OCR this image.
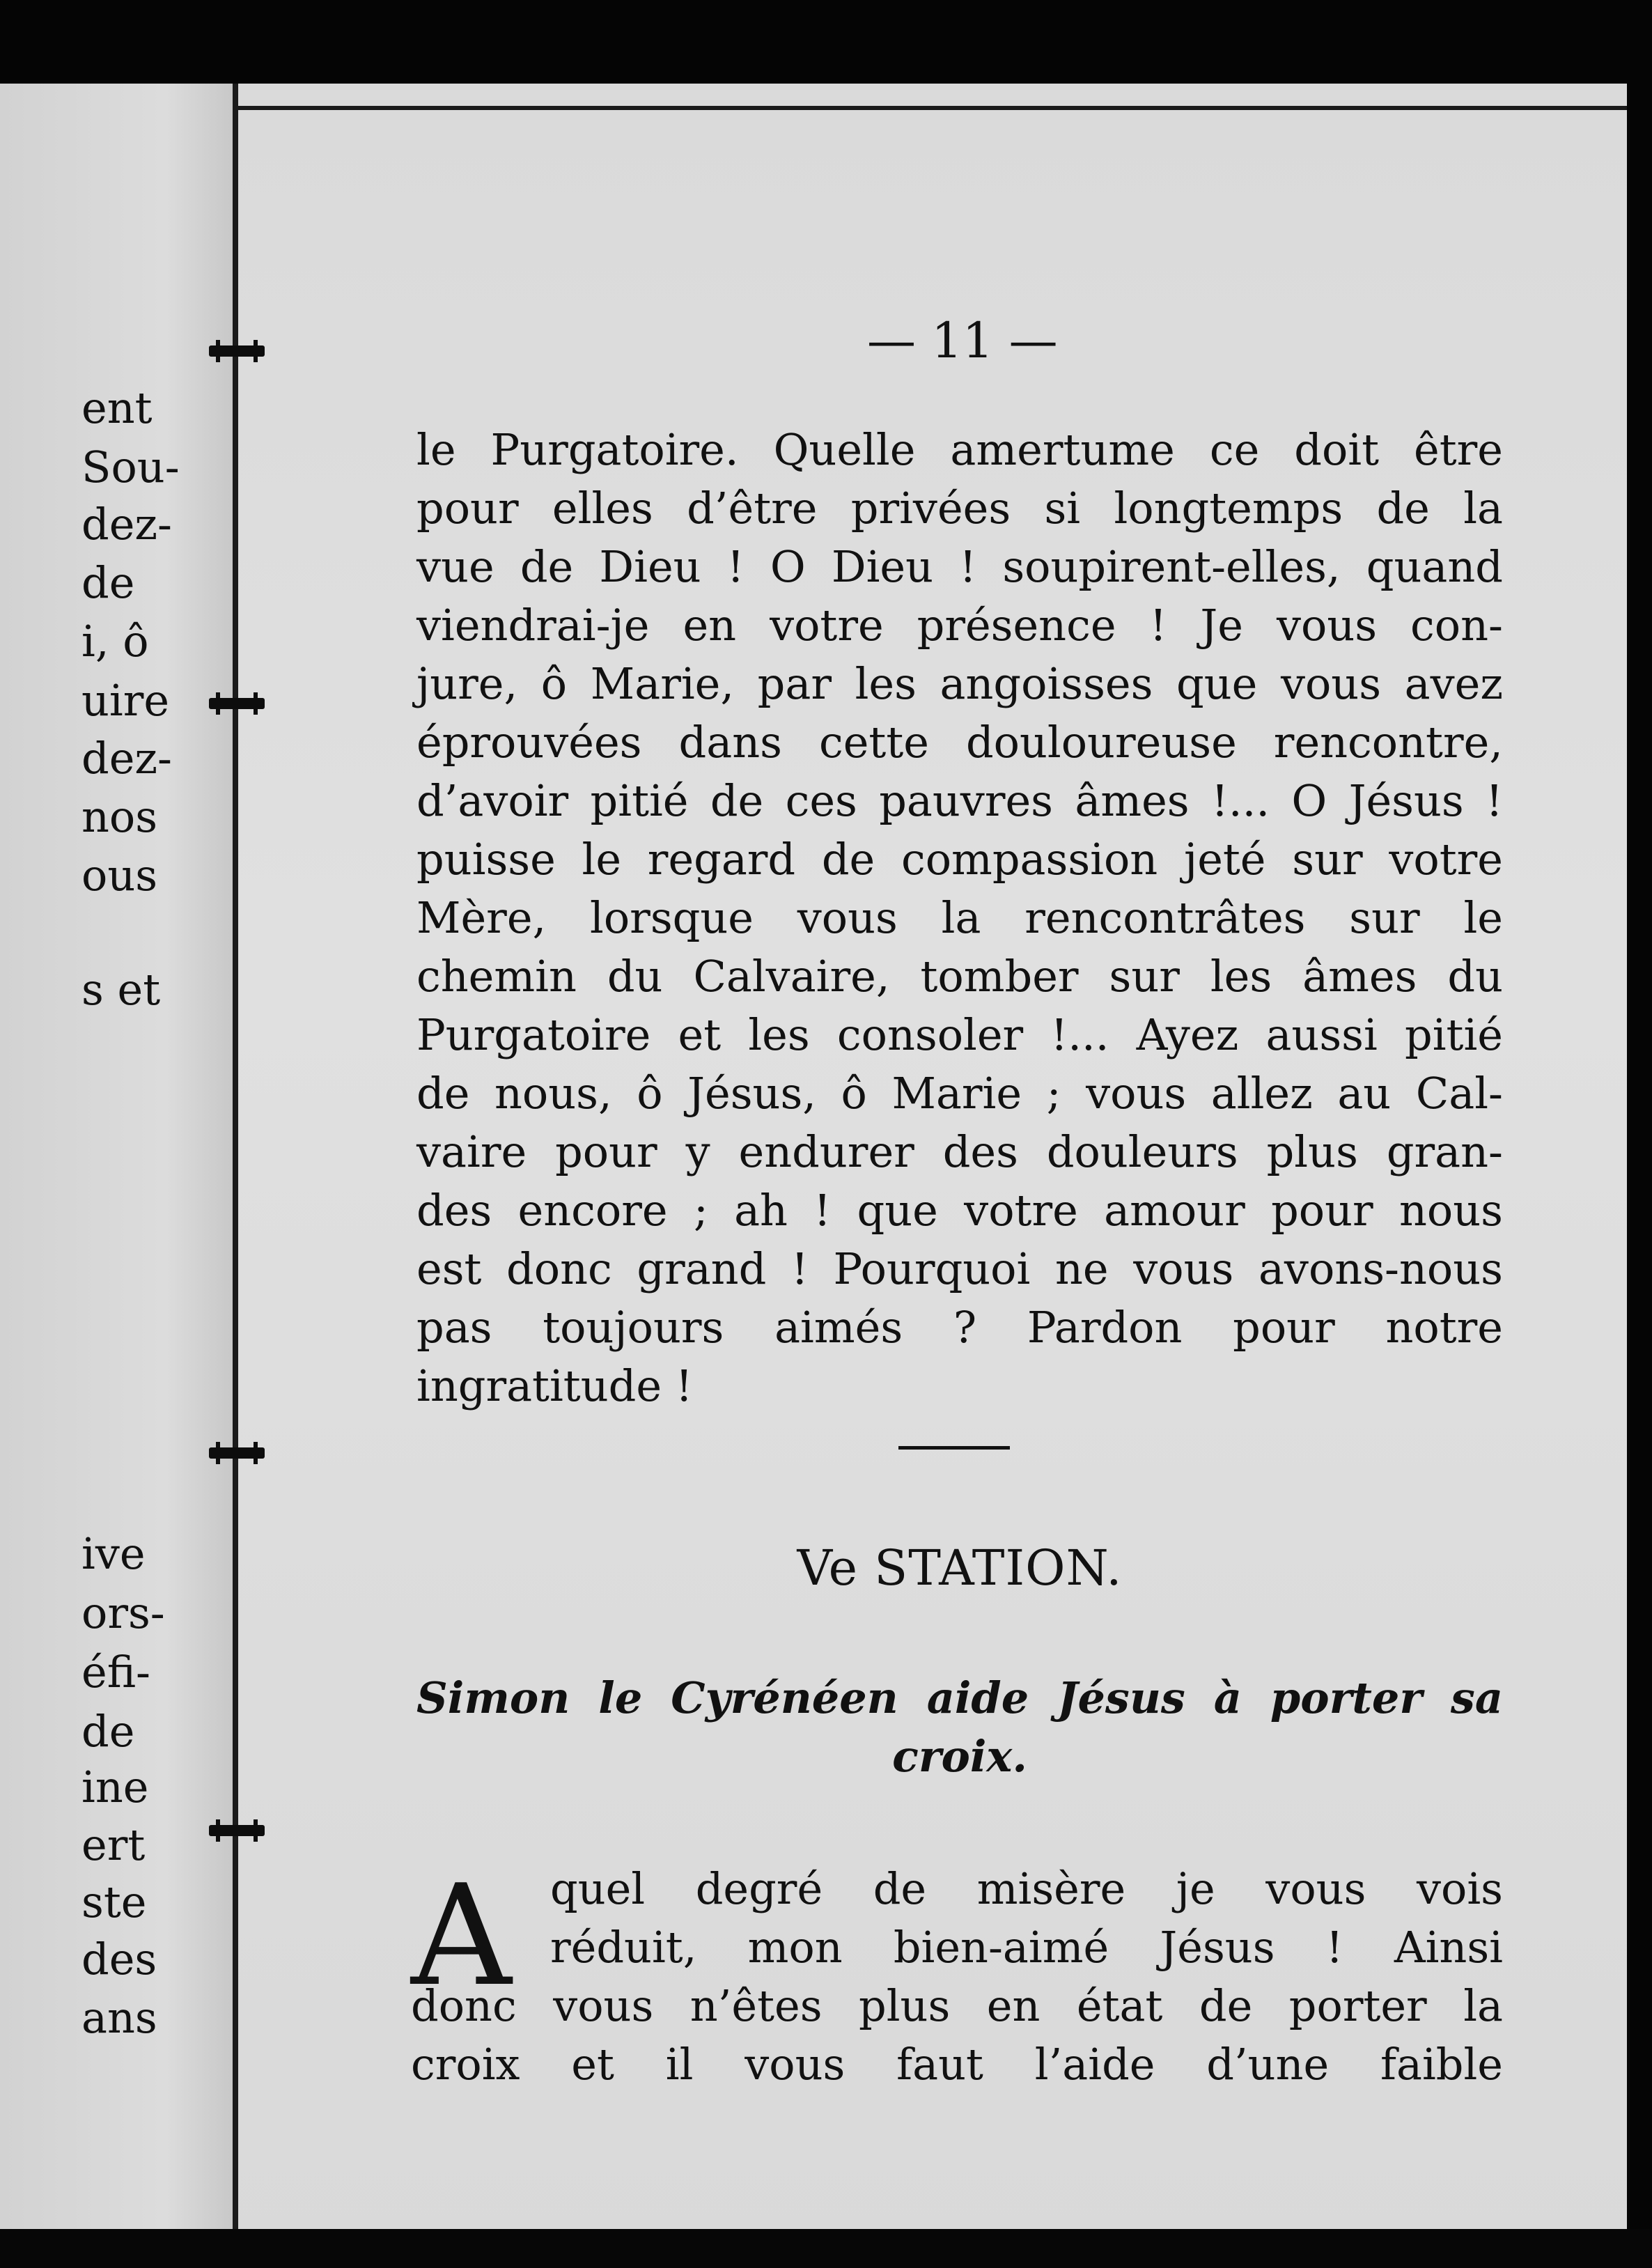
ent
Sou-
dez-
de
i, ô
uire
dez-
nos
ous
s et
ive
ors-
éfi-
de
ine
ert
ste
des
ans
— 11 —
le Purgatoire. Quelle amertume ce doit être
pour elles d’être privées si longtemps de la
vue de Dieu ! O Dieu ! soupirent-elles, quand
viendrai-je en votre présence ! Je vous con-
jure, ô Marie, par les angoisses que vous avez
éprouvées dans cette douloureuse rencontre,
d’avoir pitié de ces pauvres âmes !... O Jésus !
puisse le regard de compassion jeté sur votre
Mère, lorsque vous la rencontrâtes sur le
chemin du Calvaire, tomber sur les âmes du
Purgatoire et les consoler !... Ayez aussi pitié
de nous, ô Jésus, ô Marie ; vous allez au Cal-
vaire pour y endurer des douleurs plus gran-
des encore ; ah ! que votre amour pour nous
est donc grand ! Pourquoi ne vous avons-nous
pas toujours aimés ? Pardon pour notre
ingratitude !
Ve STATION.
Simon le Cyrénéen aide Jésus à porter sa
croix.
A quel degré de misère je vous vois
réduit, mon bien-aimé Jésus ! Ainsi
donc vous n’êtes plus en état de porter la
croix et il vous faut l’aide d’une faible
